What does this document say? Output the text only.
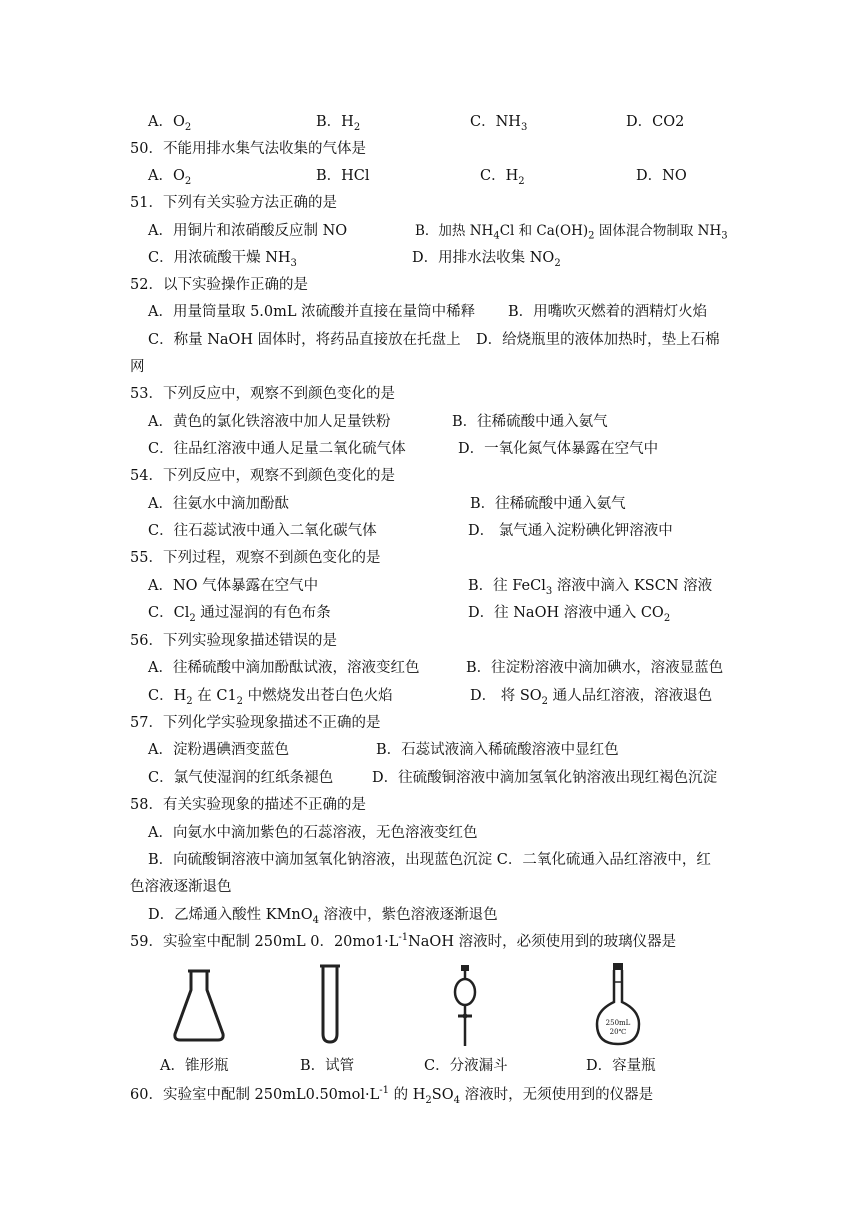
A．$O_2$	B．$H_2$	C．$NH_3$	D．CO2
50．不能用排水集气法收集的气体是
A．$O_2$	B．HCl	C．$H_2$	D．NO
51．下列有关实验方法正确的是
A．用铜片和浓硝酸反应制 NO	B．加热 $NH_4Cl$ 和 $Ca(OH)_2$ 固体混合物制取 $NH_3$
C．用浓硫酸干燥 $NH_3$	D．用排水法收集 $NO_2$
52．以下实验操作正确的是
A．用量筒量取 5.0mL 浓硫酸并直接在量筒中稀释 B．用嘴吹灭燃着的酒精灯火焰
C．称量 NaOH 固体时，将药品直接放在托盘上 D．给烧瓶里的液体加热时，垫上石棉
网
53．下列反应中，观察不到颜色变化的是
A．黄色的氯化铁溶液中加人足量铁粉	B．往稀硫酸中通入氨气
C．往品红溶液中通人足量二氧化硫气体	D．一氧化氮气体暴露在空气中
54．下列反应中，观察不到颜色变化的是
A．往氨水中滴加酚酞	B．往稀硫酸中通入氨气
C．往石蕊试液中通入二氧化碳气体	D． 氯气通入淀粉碘化钾溶液中
55．下列过程，观察不到颜色变化的是
A．NO 气体暴露在空气中	B．往 FeCl$_3$ 溶液中滴入 KSCN 溶液
C．$Cl_2$ 通过湿润的有色布条	D．往 NaOH 溶液中通入 $CO_2$
56．下列实验现象描述错误的是
A．往稀硫酸中滴加酚酞试液，溶液变红色	B．往淀粉溶液中滴加碘水，溶液显蓝色
C．$H_2$ 在 $C1_2$ 中燃烧发出苍白色火焰	D． 将 $SO_2$ 通人品红溶液，溶液退色
57．下列化学实验现象描述不正确的是
A．淀粉遇碘酒变蓝色	B．石蕊试液滴入稀硫酸溶液中显红色
C．氯气使湿润的红纸条褪色	D．往硫酸铜溶液中滴加氢氧化钠溶液出现红褐色沉淀
58．有关实验现象的描述不正确的是
A．向氨水中滴加紫色的石蕊溶液，无色溶液变红色
B．向硫酸铜溶液中滴加氢氧化钠溶液，出现蓝色沉淀 C．二氧化硫通入品红溶液中，红
色溶液逐渐退色
D．乙烯通入酸性 KMnO$_4$ 溶液中，紫色溶液逐渐退色
59．实验室中配制 250mL 0．$20mo1\cdot L^{-1}NaOH$ 溶液时，必须使用到的玻璃仪器是
250mL
20℃
A．锥形瓶	B．试管	C．分液漏斗	D．容量瓶
60．实验室中配制 $250mL0.50mol\cdot L^{-1}$ 的 $H_2SO_4$ 溶液时，无须使用到的仪器是
